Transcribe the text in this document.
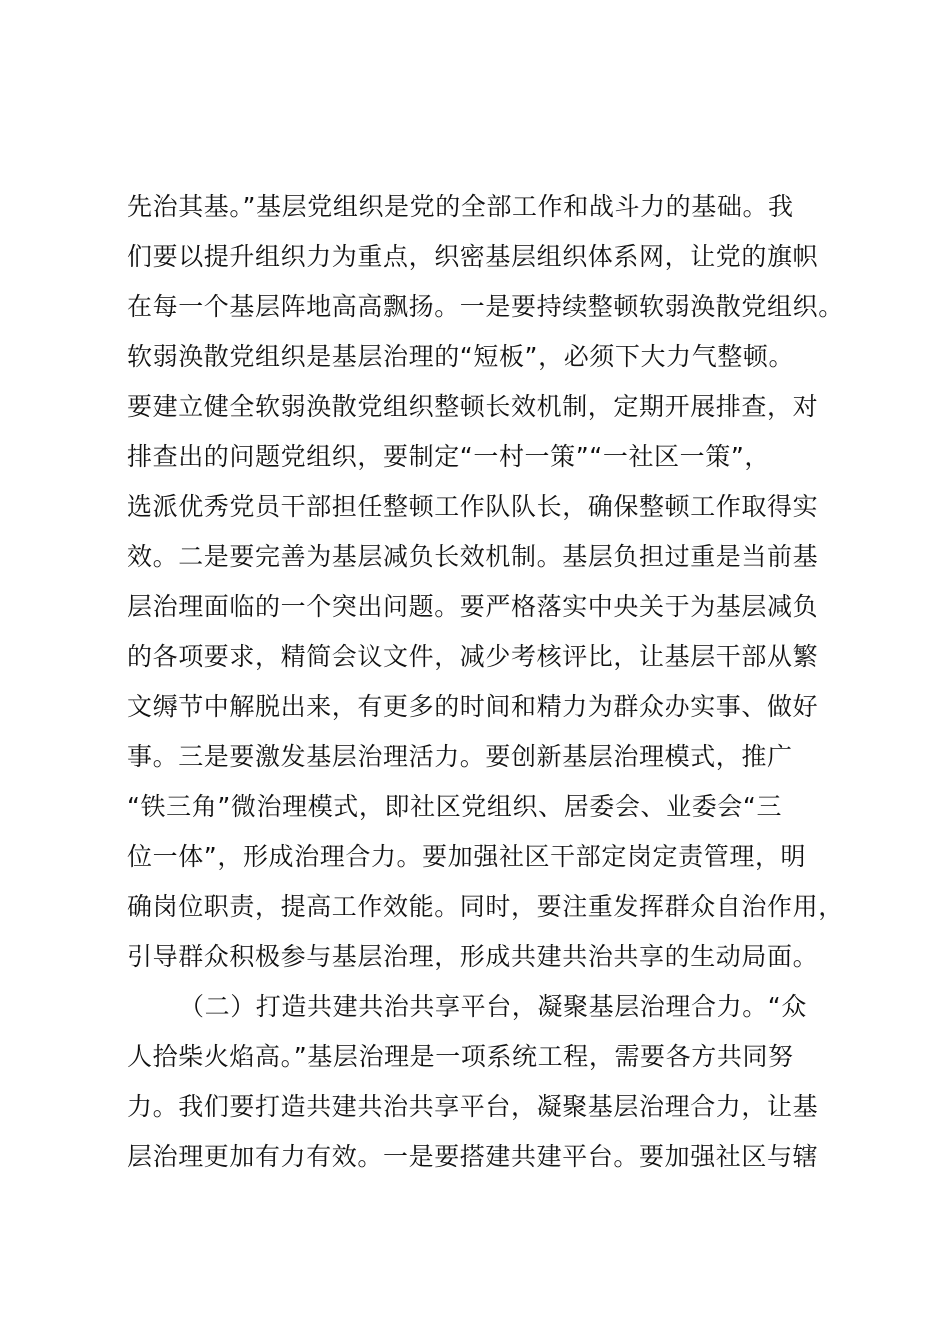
先治其基。”基层党组织是党的全部工作和战斗力的基础。我
们要以提升组织力为重点，织密基层组织体系网，让党的旗帜
在每一个基层阵地高高飘扬。一是要持续整顿软弱涣散党组织。
软弱涣散党组织是基层治理的“短板”，必须下大力气整顿。
要建立健全软弱涣散党组织整顿长效机制，定期开展排查，对
排查出的问题党组织，要制定“一村一策”“一社区一策”，
选派优秀党员干部担任整顿工作队队长，确保整顿工作取得实
效。二是要完善为基层减负长效机制。基层负担过重是当前基
层治理面临的一个突出问题。要严格落实中央关于为基层减负
的各项要求，精简会议文件，减少考核评比，让基层干部从繁
文缛节中解脱出来，有更多的时间和精力为群众办实事、做好
事。三是要激发基层治理活力。要创新基层治理模式，推广
“铁三角”微治理模式，即社区党组织、居委会、业委会“三
位一体”，形成治理合力。要加强社区干部定岗定责管理，明
确岗位职责，提高工作效能。同时，要注重发挥群众自治作用，
引导群众积极参与基层治理，形成共建共治共享的生动局面。
（二）打造共建共治共享平台，凝聚基层治理合力。“众
人拾柴火焰高。”基层治理是一项系统工程，需要各方共同努
力。我们要打造共建共治共享平台，凝聚基层治理合力，让基
层治理更加有力有效。一是要搭建共建平台。要加强社区与辖
